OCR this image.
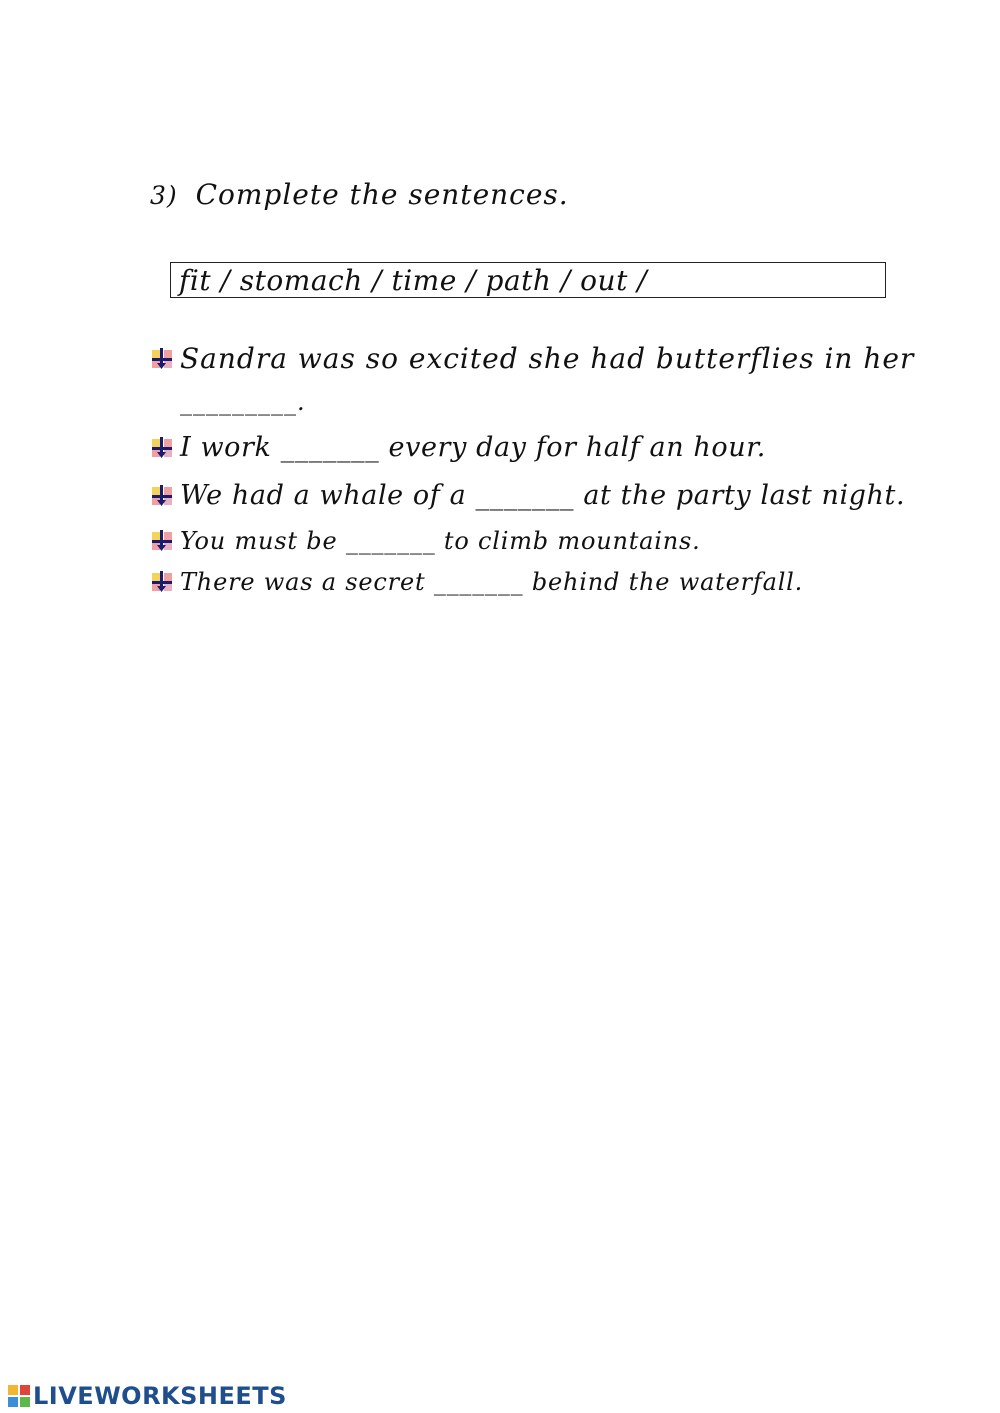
3) Complete the sentences.
fit / stomach / time / path / out /
Sandra was so excited she had butterflies in her
_________.
I work _______ every day for half an hour.
We had a whale of a _______ at the party last night.
You must be _______ to climb mountains.
There was a secret _______ behind the waterfall.
LIVEWORKSHEETS
